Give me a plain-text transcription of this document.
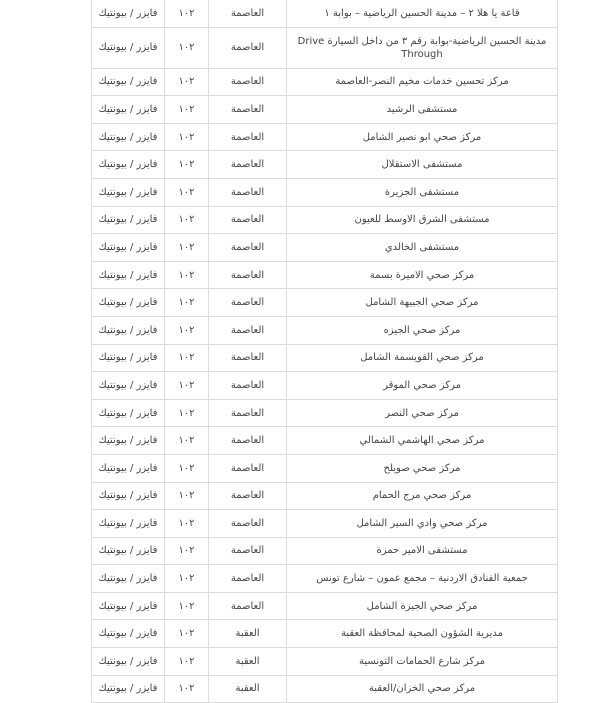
قاعة يا هلا ٢ – مدينة الحسين الرياضية – بوابة ١	العاصمة	١٠٢	فايزر / بيونتيك
مدينة الحسين الرياضية-بوابة رقم ٣ من داخل السيارة Drive Through	العاصمة	١٠٢	فايزر / بيونتيك
مركز تحسين خدمات مخيم النصر-العاصمة	العاصمة	١٠٢	فايزر / بيونتيك
مستشفى الرشيد	العاصمة	١٠٢	فايزر / بيونتيك
مركز صحي ابو نصير الشامل	العاصمة	١٠٢	فايزر / بيونتيك
مستشفى الاستقلال	العاصمة	١٠٢	فايزر / بيونتيك
مستشفى الجزيرة	العاصمة	١٠٢	فايزر / بيونتيك
مستشفى الشرق الاوسط للعيون	العاصمة	١٠٢	فايزر / بيونتيك
مستشفى الخالدي	العاصمة	١٠٢	فايزر / بيونتيك
مركز صحي الاميرة بسمة	العاصمة	١٠٢	فايزر / بيونتيك
مركز صحي الجبيهة الشامل	العاصمة	١٠٢	فايزر / بيونتيك
مركز صحي الجيزه	العاصمة	١٠٢	فايزر / بيونتيك
مركز صحي القويسمة الشامل	العاصمة	١٠٢	فايزر / بيونتيك
مركز صحي الموقر	العاصمة	١٠٢	فايزر / بيونتيك
مركز صحي النصر	العاصمة	١٠٢	فايزر / بيونتيك
مركز صحي الهاشمي الشمالي	العاصمة	١٠٢	فايزر / بيونتيك
مركز صحي صويلح	العاصمة	١٠٢	فايزر / بيونتيك
مركز صحي مرج الحمام	العاصمة	١٠٢	فايزر / بيونتيك
مركز صحي وادي السير الشامل	العاصمة	١٠٢	فايزر / بيونتيك
مستشفى الامير حمزة	العاصمة	١٠٢	فايزر / بيونتيك
جمعية الفنادق الاردنية – مجمع عمون – شارع تونس	العاصمة	١٠٢	فايزر / بيونتيك
مركز صحي الجيزة الشامل	العاصمة	١٠٢	فايزر / بيونتيك
مديرية الشؤون الصحية لمحافظة العقبة	العقبة	١٠٢	فايزر / بيونتيك
مركز شارع الحمامات التونسية	العقبة	١٠٢	فايزر / بيونتيك
مركز صحي الخزان/العقبة	العقبة	١٠٢	فايزر / بيونتيك
